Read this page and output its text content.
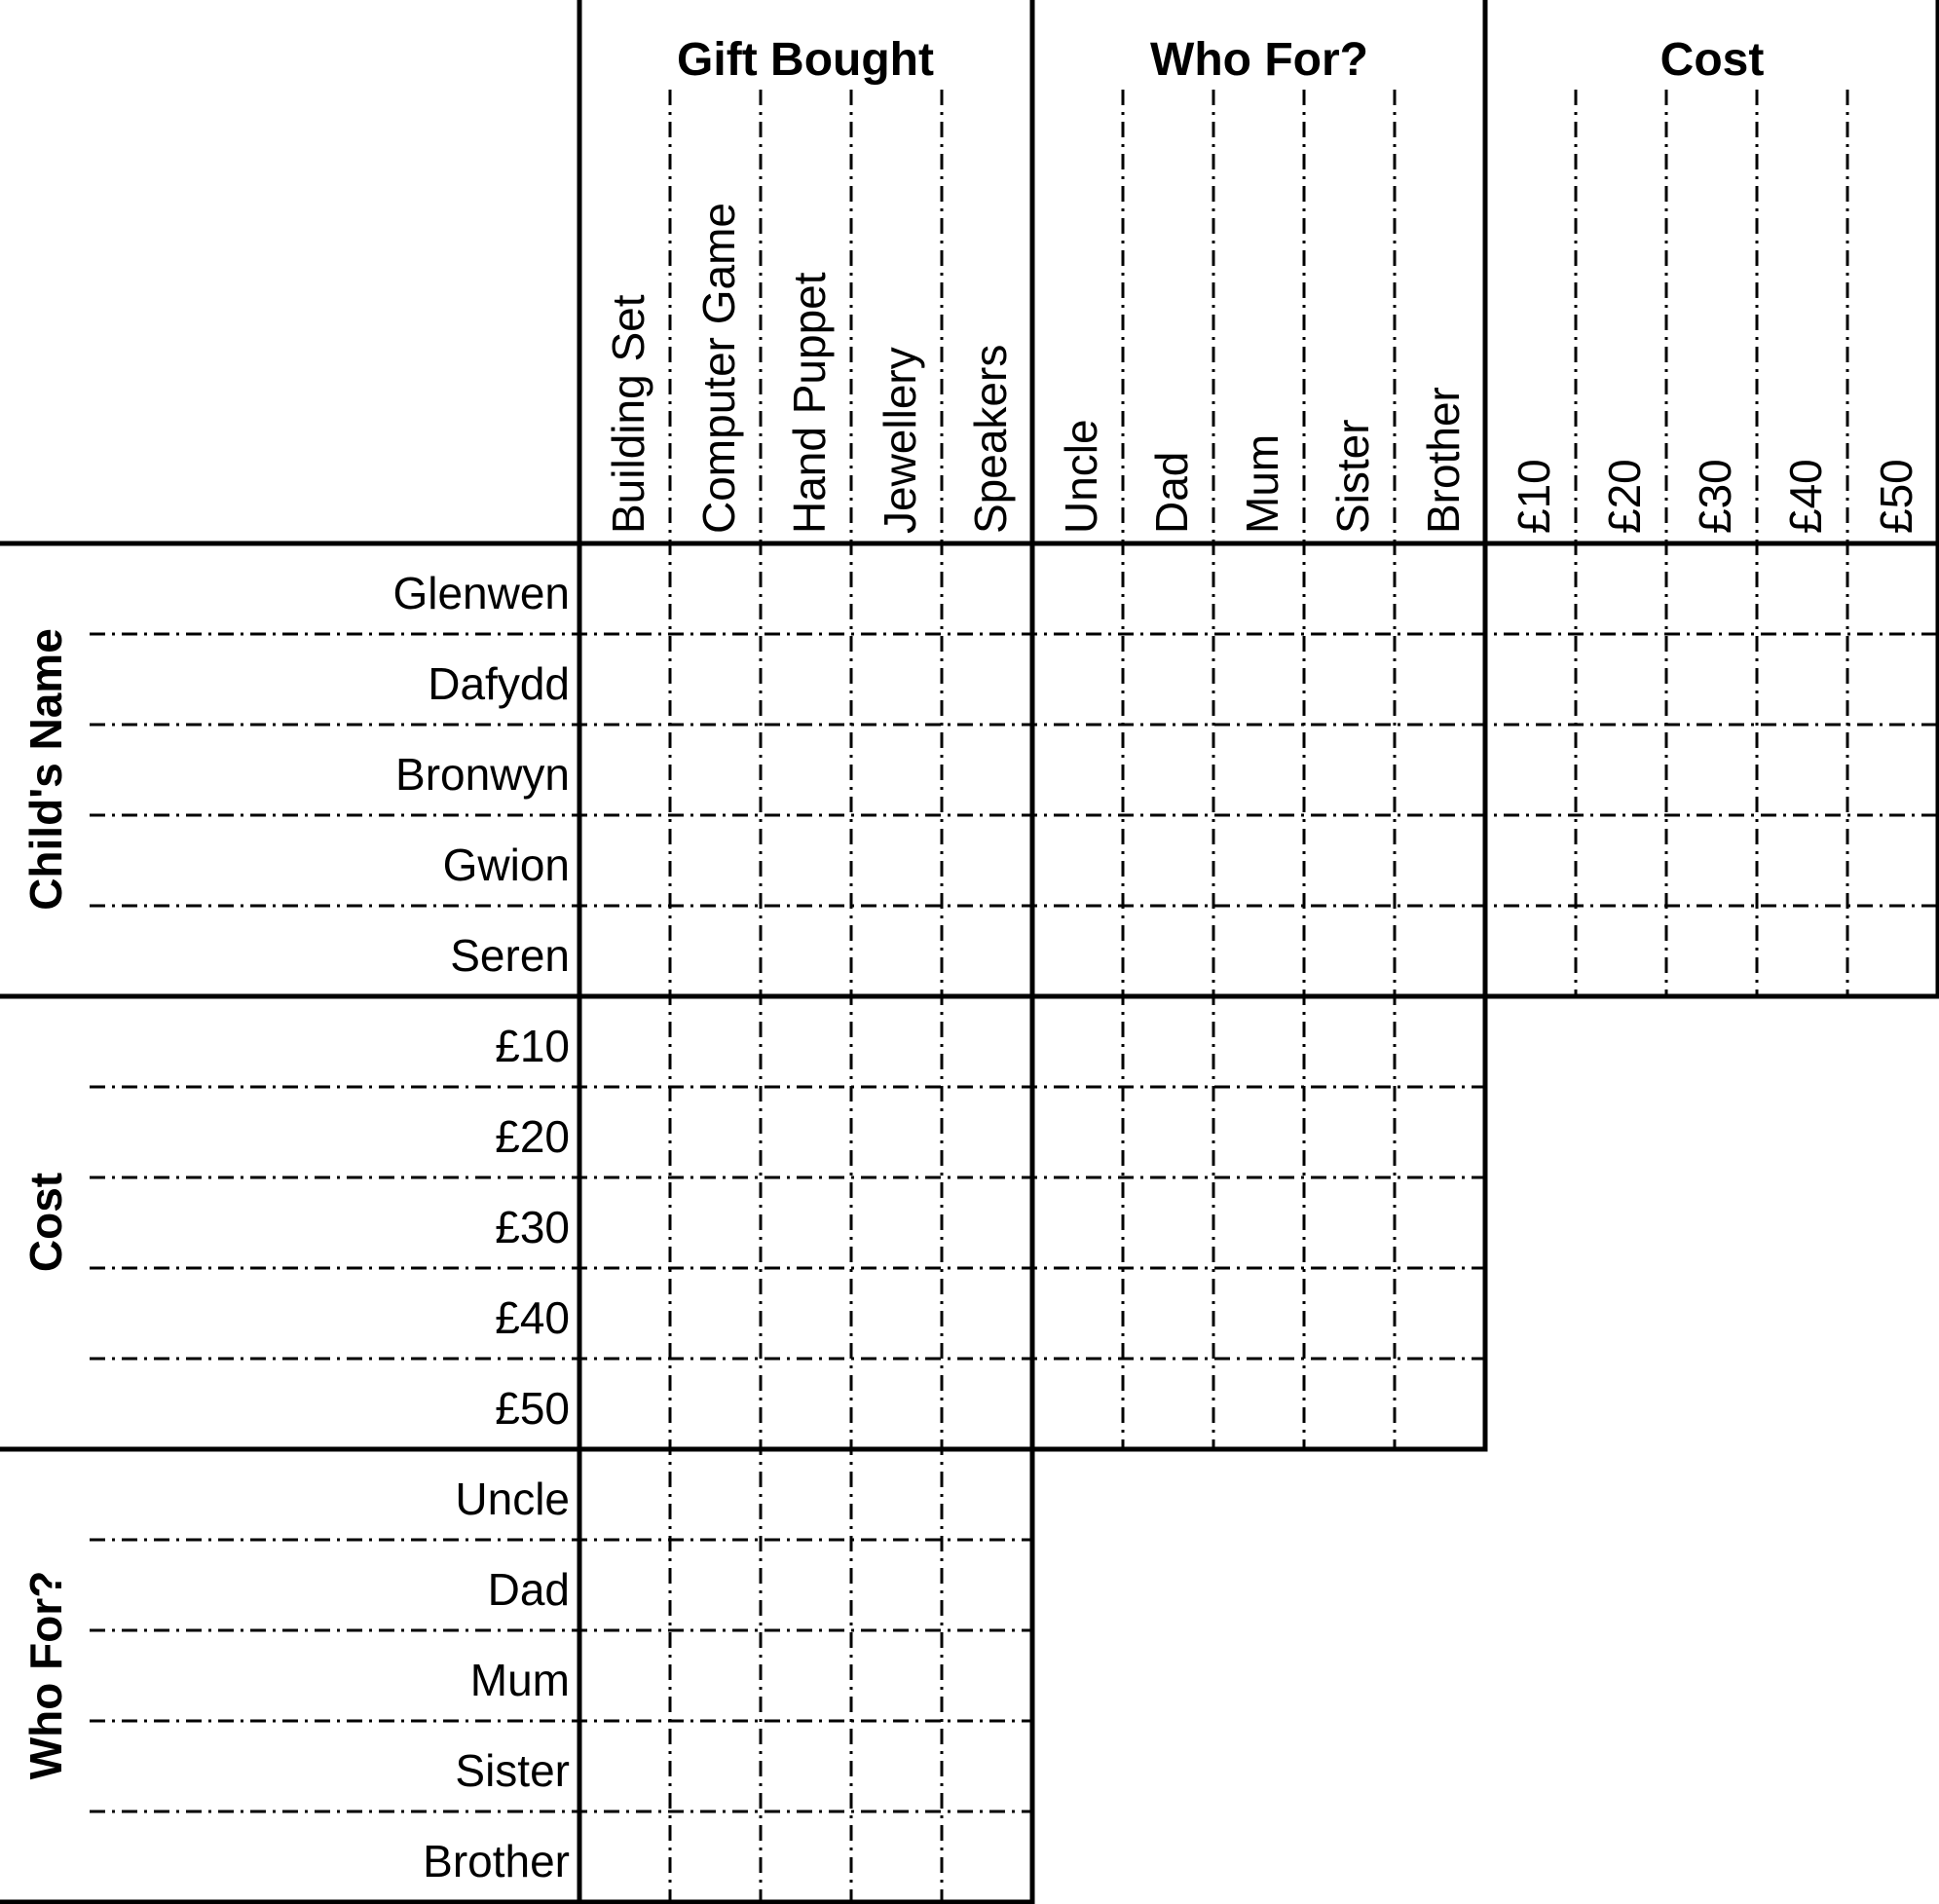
Gift Bought	Who For?	Cost
Building Set Computer Game Hand Puppet Jewellery Speakers Uncle Dad Mum Sister Brother £10 £20 £30 £40 £50
Child's Name
Cost
Who For?
Glenwen
Dafydd
Bronwyn
Gwion
Seren
£10
£20
£30
£40
£50
Uncle
Dad
Mum
Sister
Brother
